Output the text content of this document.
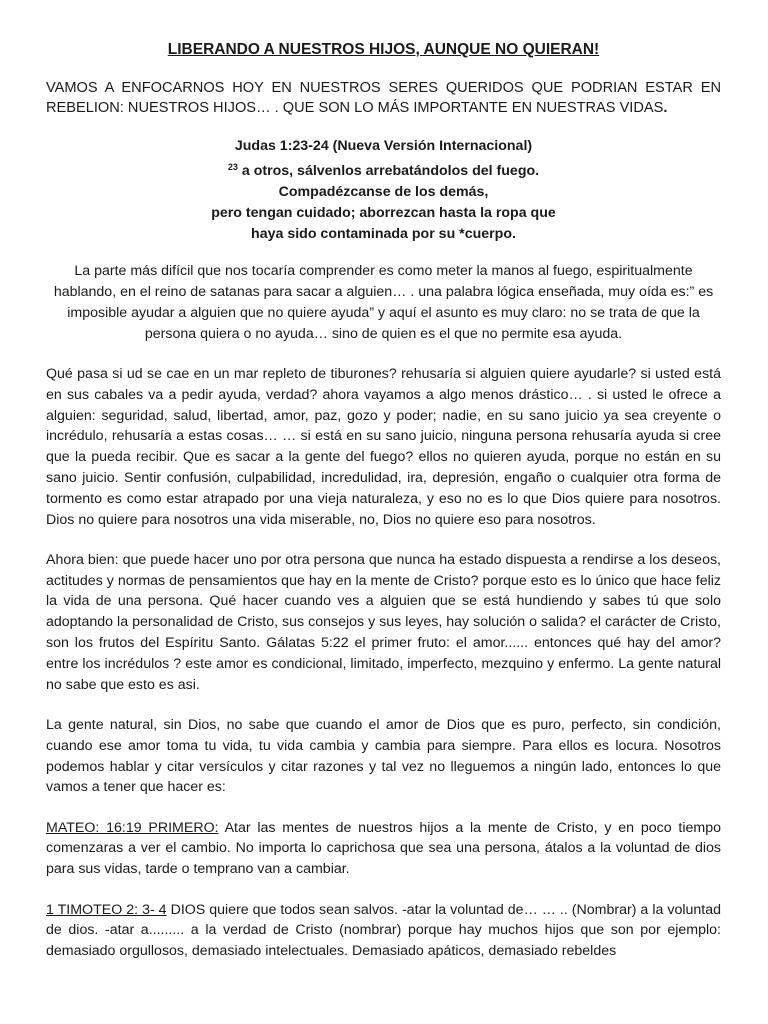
LIBERANDO A NUESTROS HIJOS, AUNQUE NO QUIERAN!

VAMOS A ENFOCARNOS HOY EN NUESTROS SERES QUERIDOS QUE PODRIAN ESTAR EN REBELION: NUESTROS HIJOS… . QUE SON LO MÁS IMPORTANTE EN NUESTRAS VIDAS.

Judas 1:23-24 (Nueva Versión Internacional)
$^{23}$ a otros, sálvenlos arrebatándolos del fuego.
Compadézcanse de los demás,
pero tengan cuidado; aborrezcan hasta la ropa que
haya sido contaminada por su *cuerpo.

La parte más difícil que nos tocaría comprender es como meter la manos al fuego, espiritualmente hablando, en el reino de satanas para sacar a alguien… . una palabra lógica enseñada, muy oída es:” es imposible ayudar a alguien que no quiere ayuda” y aquí el asunto es muy claro: no se trata de que la persona quiera o no ayuda… sino de quien es el que no permite esa ayuda.

Qué pasa si ud se cae en un mar repleto de tiburones? rehusaría si alguien quiere ayudarle? si usted está en sus cabales va a pedir ayuda, verdad? ahora vayamos a algo menos drástico… . si usted le ofrece a alguien: seguridad, salud, libertad, amor, paz, gozo y poder; nadie, en su sano juicio ya sea creyente o incrédulo, rehusaría a estas cosas… … si está en su sano juicio, ninguna persona rehusaría ayuda si cree que la pueda recibir. Que es sacar a la gente del fuego? ellos no quieren ayuda, porque no están en su sano juicio. Sentir confusión, culpabilidad, incredulidad, ira, depresión, engaño o cualquier otra forma de tormento es como estar atrapado por una vieja naturaleza, y eso no es lo que Dios quiere para nosotros. Dios no quiere para nosotros una vida miserable, no, Dios no quiere eso para nosotros.

Ahora bien: que puede hacer uno por otra persona que nunca ha estado dispuesta a rendirse a los deseos, actitudes y normas de pensamientos que hay en la mente de Cristo? porque esto es lo único que hace feliz la vida de una persona. Qué hacer cuando ves a alguien que se está hundiendo y sabes tú que solo adoptando la personalidad de Cristo, sus consejos y sus leyes, hay solución o salida? el carácter de Cristo, son los frutos del Espíritu Santo. Gálatas 5:22 el primer fruto: el amor...... entonces qué hay del amor? entre los incrédulos ? este amor es condicional, limitado, imperfecto, mezquino y enfermo. La gente natural no sabe que esto es asi.

La gente natural, sin Dios, no sabe que cuando el amor de Dios que es puro, perfecto, sin condición, cuando ese amor toma tu vida, tu vida cambia y cambia para siempre. Para ellos es locura. Nosotros podemos hablar y citar versículos y citar razones y tal vez no lleguemos a ningún lado, entonces lo que vamos a tener que hacer es:

MATEO: 16:19 PRIMERO: Atar las mentes de nuestros hijos a la mente de Cristo, y en poco tiempo comenzaras a ver el cambio. No importa lo caprichosa que sea una persona, átalos a la voluntad de dios para sus vidas, tarde o temprano van a cambiar.

1 TIMOTEO 2: 3- 4 DIOS quiere que todos sean salvos. -atar la voluntad de… … .. (Nombrar) a la voluntad de dios. -atar a......... a la verdad de Cristo (nombrar) porque hay muchos hijos que son por ejemplo: demasiado orgullosos, demasiado intelectuales. Demasiado apáticos, demasiado rebeldes
